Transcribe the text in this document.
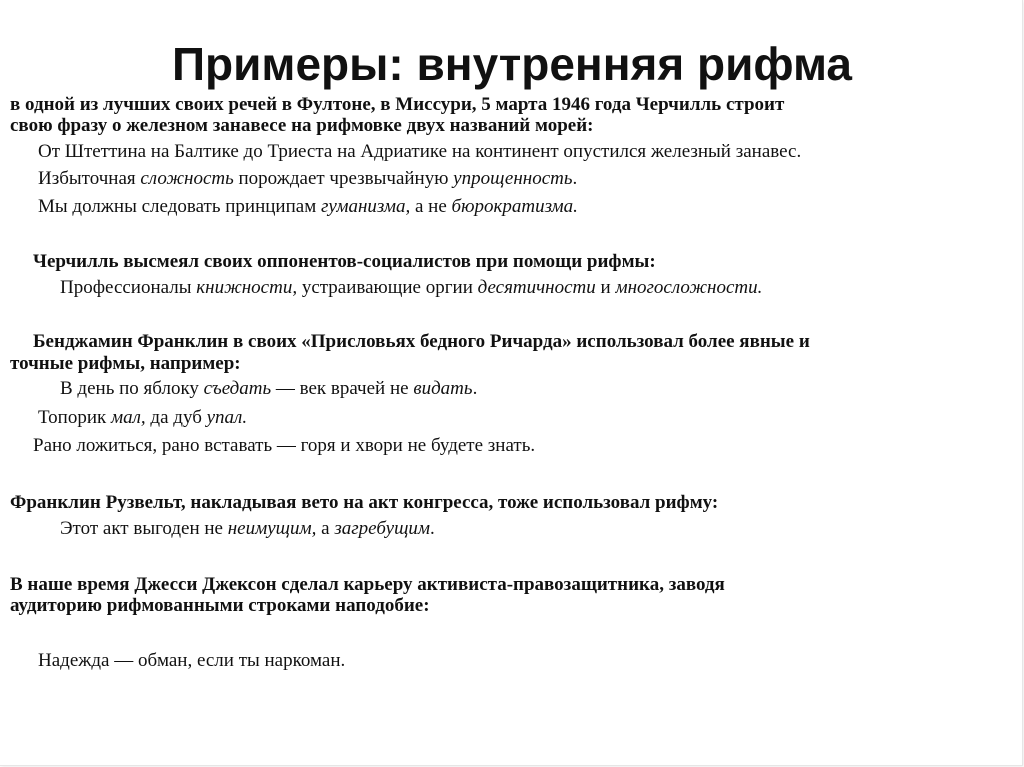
Примеры: внутренняя рифма
в одной из лучших своих речей в Фултоне, в Миссури, 5 марта 1946 года Черчилль строит
свою фразу о железном занавесе на рифмовке двух названий морей:
От Штеттина на Балтике до Триеста на Адриатике на континент опустился железный занавес.
Избыточная сложность порождает чрезвычайную упрощенность.
Мы должны следовать принципам гуманизма, а не бюрократизма.
Черчилль высмеял своих оппонентов-социалистов при помощи рифмы:
Профессионалы книжности, устраивающие оргии десятичности и многосложности.
Бенджамин Франклин в своих «Присловьях бедного Ричарда» использовал более явные и
точные рифмы, например:
В день по яблоку съедать — век врачей не видать.
Топорик мал, да дуб упал.
Рано ложиться, рано вставать — горя и хвори не будете знать.
Франклин Рузвельт, накладывая вето на акт конгресса, тоже использовал рифму:
Этот акт выгоден не неимущим, а загребущим.
В наше время Джесси Джексон сделал карьеру активиста-правозащитника, заводя
аудиторию рифмованными строками наподобие:
Надежда — обман, если ты наркоман.
